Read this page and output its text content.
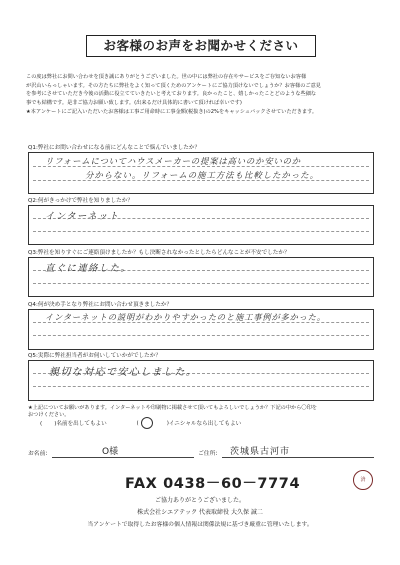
お客様のお声をお聞かせください

この度は弊社にお問い合わせを頂き誠にありがとうございました。世の中には弊社の存在やサービスをご存知ないお客様

が沢山いらっしゃいます。その方たちに弊社をよく知って頂くためのアンケートにご協力頂けないでしょうか？お客様のご意見

を参考にさせていただき今後の活動に役立てていきたいと考えております。良かったこと、嬉しかったことどのような些細な

事でも結構です。是非ご協力お願い致します。(出来るだけ具体的に書いて頂ければ幸いです)

★本アンケートにご記入いただいたお客様は工事ご用命時に工事金額(税抜き)の2%をキャッシュバックさせていただきます。

Q1:弊社にお問い合わせになる前にどんなことで悩んでいましたか？
リフォームについてハウスメーカーの提案は高いのか安いのか
分からない。リフォームの施工方法も比較したかった。
Q2:何がきっかけで弊社を知りましたか？
インターネット
Q3:弊社を知りすぐにご連絡頂けましたか？もし決断されなかったとしたらどんなことが不安でしたか？
直ぐに連絡した。
Q4:何が決め手となり弊社にお問い合わせ頂きましたか？
インターネットの説明がわかりやすかったのと施工事例が多かった。
Q5:実際に弊社担当者がお伺いしていかがでしたか？
親切な対応で安心しました。
★上記についてお願いがあります。インターネットや印刷物に掲載させて頂いてもよろしいでしょうか？下記の中から〇印を
おつけください。
( )名前を出してもよい	(	)イニシャルなら出してもよい
お名前:	O様	ご住所: 茨城県古河市
FAX 0438－60－7774	済
ご協力ありがとうございました。
株式会社シエアテック 代表取締役 大久保 誠二
当アンケートで取得したお客様の個人情報は関係法規に基づき厳重に管理いたします。
